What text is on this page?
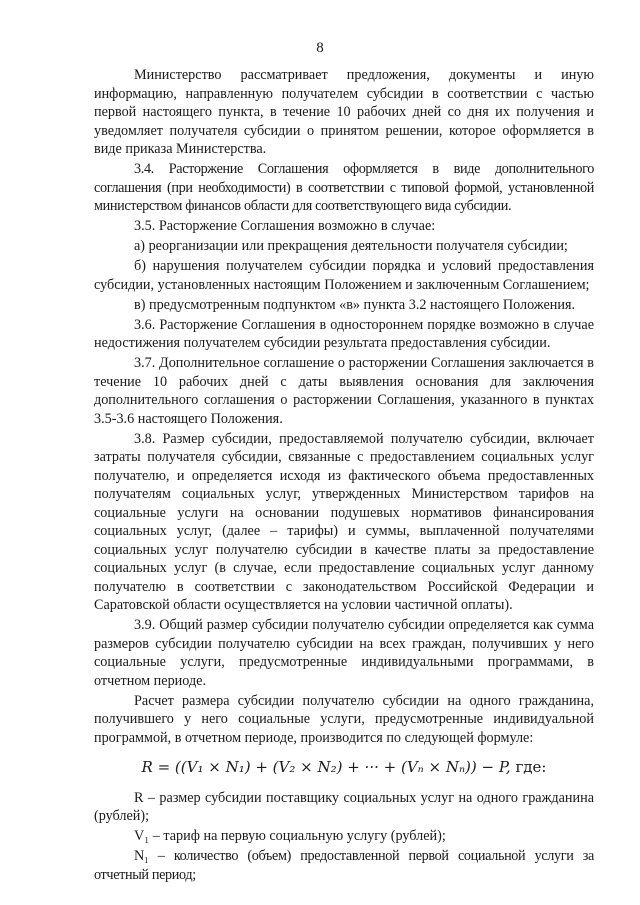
8

Министерство рассматривает предложения, документы и иную информацию, направленную получателем субсидии в соответствии с частью первой настоящего пункта, в течение 10 рабочих дней со дня их получения и уведомляет получателя субсидии о принятом решении, которое оформляется в виде приказа Министерства.

3.4. Расторжение Соглашения оформляется в виде дополнительного соглашения (при необходимости) в соответствии с типовой формой, установленной министерством финансов области для соответствующего вида субсидии.

3.5. Расторжение Соглашения возможно в случае:

а) реорганизации или прекращения деятельности получателя субсидии;

б) нарушения получателем субсидии порядка и условий предоставления субсидии, установленных настоящим Положением и заключенным Соглашением;

в) предусмотренным подпунктом «в» пункта 3.2 настоящего Положения.

3.6. Расторжение Соглашения в одностороннем порядке возможно в случае недостижения получателем субсидии результата предоставления субсидии.

3.7. Дополнительное соглашение о расторжении Соглашения заключается в течение 10 рабочих дней с даты выявления основания для заключения дополнительного соглашения о расторжении Соглашения, указанного в пунктах 3.5-3.6 настоящего Положения.

3.8. Размер субсидии, предоставляемой получателю субсидии, включает затраты получателя субсидии, связанные с предоставлением социальных услуг получателю, и определяется исходя из фактического объема предоставленных получателям социальных услуг, утвержденных Министерством тарифов на социальные услуги на основании подушевых нормативов финансирования социальных услуг, (далее – тарифы) и суммы, выплаченной получателями социальных услуг получателю субсидии в качестве платы за предоставление социальных услуг (в случае, если предоставление социальных услуг данному получателю в соответствии с законодательством Российской Федерации и Саратовской области осуществляется на условии частичной оплаты).

3.9. Общий размер субсидии получателю субсидии определяется как сумма размеров субсидии получателю субсидии на всех граждан, получивших у него социальные услуги, предусмотренные индивидуальными программами, в отчетном периоде.

Расчет размера субсидии получателю субсидии на одного гражданина, получившего у него социальные услуги, предусмотренные индивидуальной программой, в отчетном периоде, производится по следующей формуле:

R = ((V₁ × N₁) + (V₂ × N₂) + ··· + (Vₙ × Nₙ)) − P, где:

R – размер субсидии поставщику социальных услуг на одного гражданина (рублей);

V₁ – тариф на первую социальную услугу (рублей);

N₁ – количество (объем) предоставленной первой социальной услуги за отчетный период;
